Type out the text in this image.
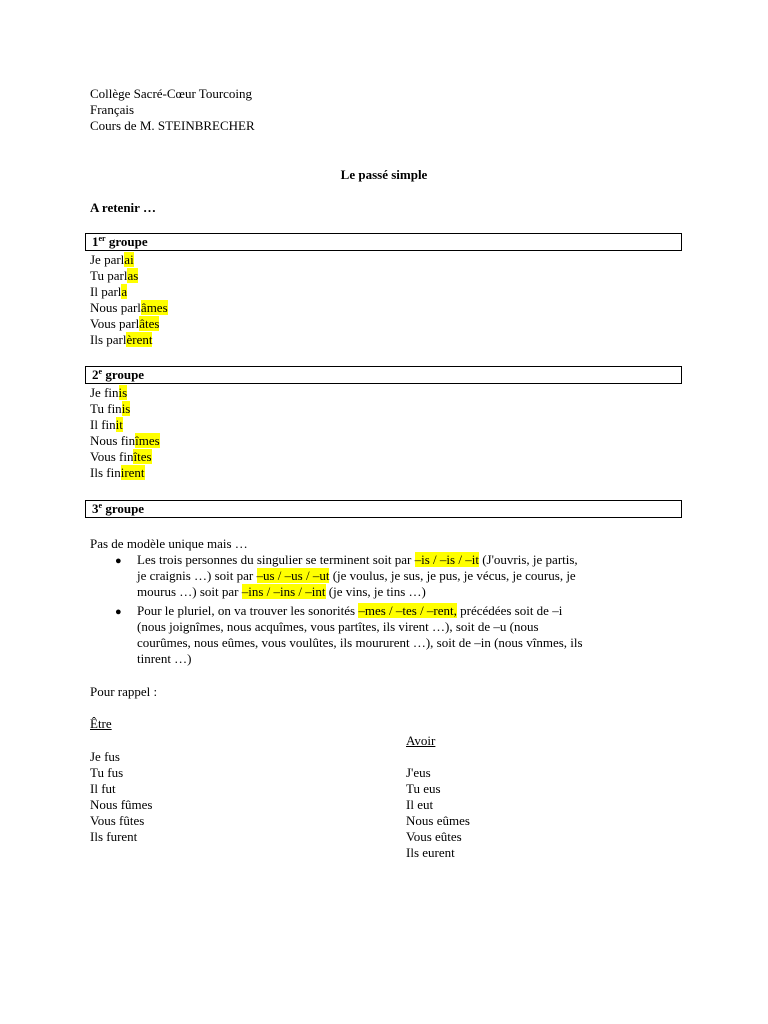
Collège Sacré-Cœur Tourcoing
Français
Cours de M. STEINBRECHER
Le passé simple
A retenir …
1er groupe
Je parlai
Tu parlas
Il parla
Nous parlâmes
Vous parlâtes
Ils parlèrent
2e groupe
Je finis
Tu finis
Il finit
Nous finîmes
Vous finîtes
Ils finirent
3e groupe
Pas de modèle unique mais …
● Les trois personnes du singulier se terminent soit par –is / –is / –it (J'ouvris, je partis,
je craignis …) soit par –us / –us / –ut (je voulus, je sus, je pus, je vécus, je courus, je
mourus …) soit par –ins / –ins / –int (je vins, je tins …)
● Pour le pluriel, on va trouver les sonorités –mes / –tes / –rent, précédées soit de –i
(nous joignîmes, nous acquîmes, vous partîtes, ils virent …), soit de –u (nous
courûmes, nous eûmes, vous voulûtes, ils moururent …), soit de –in (nous vînmes, ils
tinrent …)
Pour rappel :
Être
Je fus
Tu fus
Il fut
Nous fûmes
Vous fûtes
Ils furent
Avoir
J'eus
Tu eus
Il eut
Nous eûmes
Vous eûtes
Ils eurent
